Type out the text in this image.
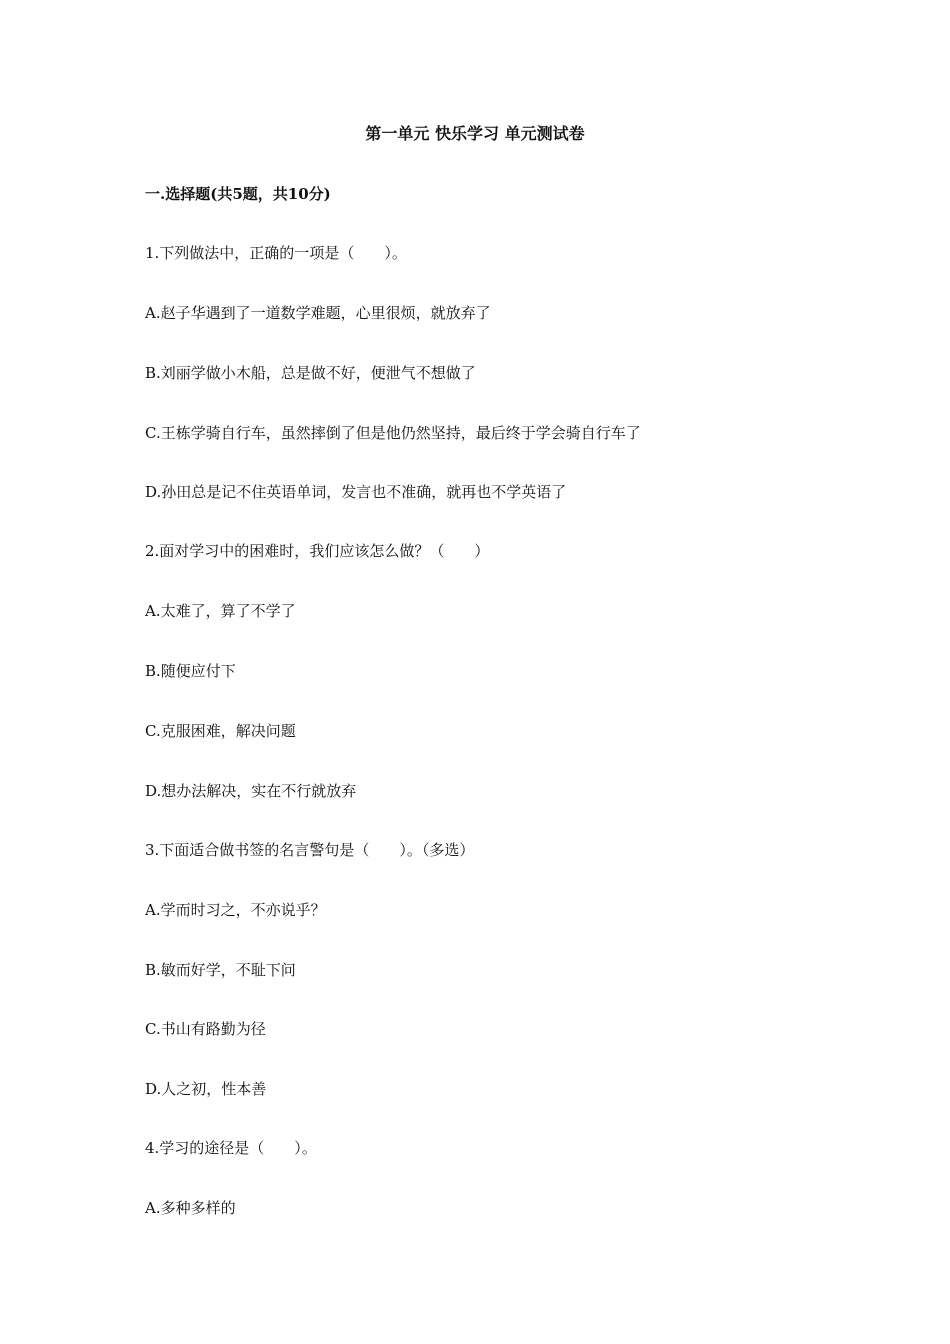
第一单元 快乐学习 单元测试卷
一.选择题(共5题，共10分)
1.下列做法中，正确的一项是（　　）。
A.赵子华遇到了一道数学难题，心里很烦，就放弃了
B.刘丽学做小木船，总是做不好，便泄气不想做了
C.王栋学骑自行车，虽然摔倒了但是他仍然坚持，最后终于学会骑自行车了
D.孙田总是记不住英语单词，发言也不准确，就再也不学英语了
2.面对学习中的困难时，我们应该怎么做？（　　）
A.太难了，算了不学了
B.随便应付下
C.克服困难，解决问题
D.想办法解决，实在不行就放弃
3.下面适合做书签的名言警句是（　　）。（多选）
A.学而时习之，不亦说乎？
B.敏而好学，不耻下问
C.书山有路勤为径
D.人之初，性本善
4.学习的途径是（　　）。
A.多种多样的
